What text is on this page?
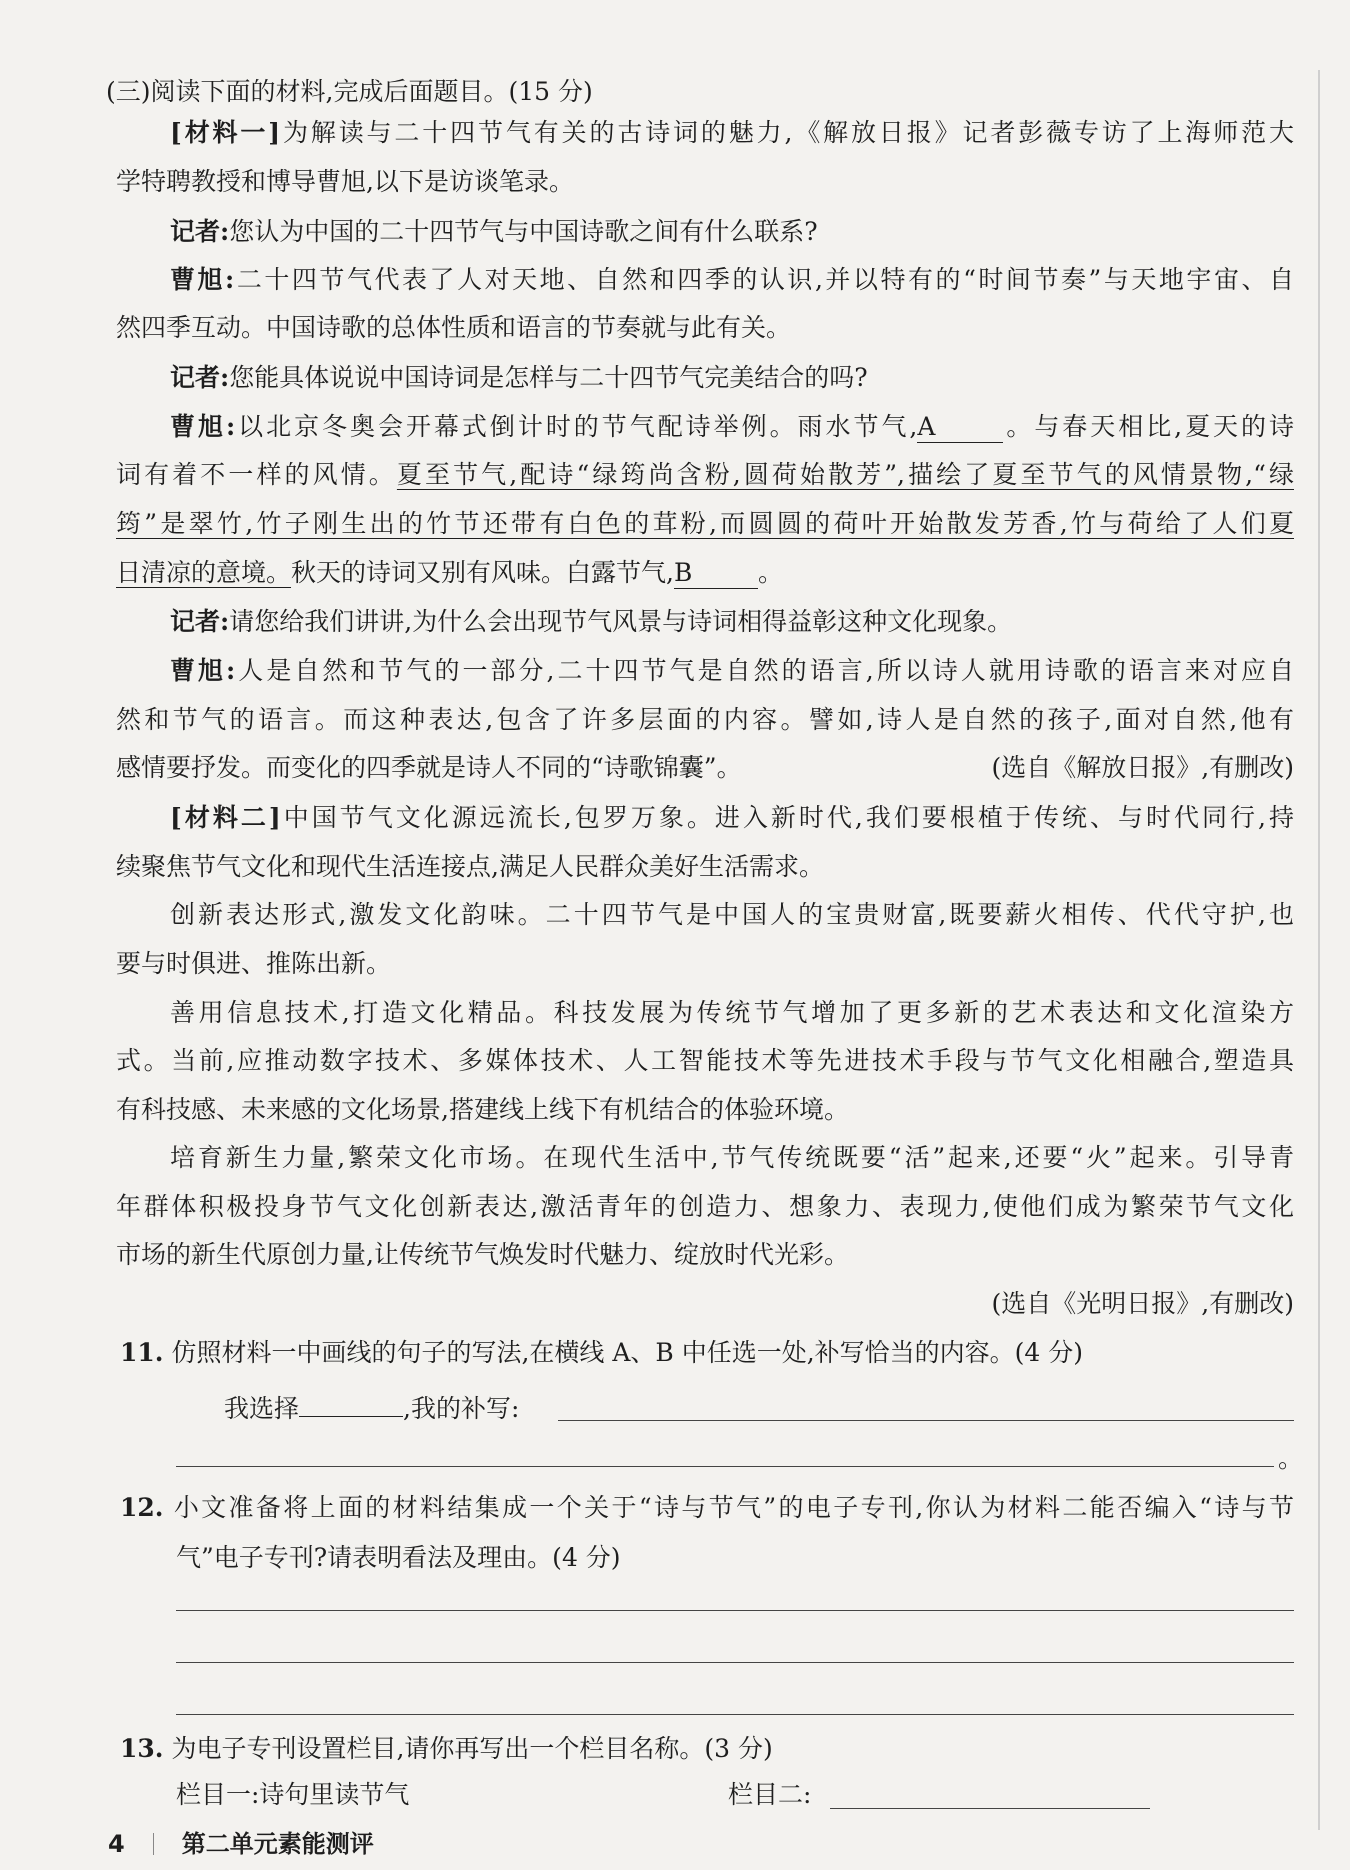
(三)阅读下面的材料,完成后面题目。(15 分)
[材料一]为解读与二十四节气有关的古诗词的魅力,《解放日报》记者彭薇专访了上海师范大
学特聘教授和博导曹旭,以下是访谈笔录。
记者:您认为中国的二十四节气与中国诗歌之间有什么联系?
曹旭:二十四节气代表了人对天地、自然和四季的认识,并以特有的“时间节奏”与天地宇宙、自
然四季互动。中国诗歌的总体性质和语言的节奏就与此有关。
记者:您能具体说说中国诗词是怎样与二十四节气完美结合的吗?
曹旭:以北京冬奥会开幕式倒计时的节气配诗举例。雨水节气,A	。与春天相比,夏天的诗
词有着不一样的风情。夏至节气,配诗“绿筠尚含粉,圆荷始散芳”,描绘了夏至节气的风情景物,“绿
筠”是翠竹,竹子刚生出的竹节还带有白色的茸粉,而圆圆的荷叶开始散发芳香,竹与荷给了人们夏
日清凉的意境。秋天的诗词又别有风味。白露节气,B	。
记者:请您给我们讲讲,为什么会出现节气风景与诗词相得益彰这种文化现象。
曹旭:人是自然和节气的一部分,二十四节气是自然的语言,所以诗人就用诗歌的语言来对应自
然和节气的语言。而这种表达,包含了许多层面的内容。譬如,诗人是自然的孩子,面对自然,他有
感情要抒发。而变化的四季就是诗人不同的“诗歌锦囊”。	(选自《解放日报》,有删改)
[材料二]中国节气文化源远流长,包罗万象。进入新时代,我们要根植于传统、与时代同行,持
续聚焦节气文化和现代生活连接点,满足人民群众美好生活需求。
创新表达形式,激发文化韵味。二十四节气是中国人的宝贵财富,既要薪火相传、代代守护,也
要与时俱进、推陈出新。
善用信息技术,打造文化精品。科技发展为传统节气增加了更多新的艺术表达和文化渲染方
式。当前,应推动数字技术、多媒体技术、人工智能技术等先进技术手段与节气文化相融合,塑造具
有科技感、未来感的文化场景,搭建线上线下有机结合的体验环境。
培育新生力量,繁荣文化市场。在现代生活中,节气传统既要“活”起来,还要“火”起来。引导青
年群体积极投身节气文化创新表达,激活青年的创造力、想象力、表现力,使他们成为繁荣节气文化
市场的新生代原创力量,让传统节气焕发时代魅力、绽放时代光彩。
(选自《光明日报》,有删改)
11. 仿照材料一中画线的句子的写法,在横线 A、B 中任选一处,补写恰当的内容。(4 分)
我选择	,我的补写:
。
12. 小文准备将上面的材料结集成一个关于“诗与节气”的电子专刊,你认为材料二能否编入“诗与节
气”电子专刊?请表明看法及理由。(4 分)
13. 为电子专刊设置栏目,请你再写出一个栏目名称。(3 分)
栏目一:诗句里读节气	栏目二:
4 第二单元素能测评
